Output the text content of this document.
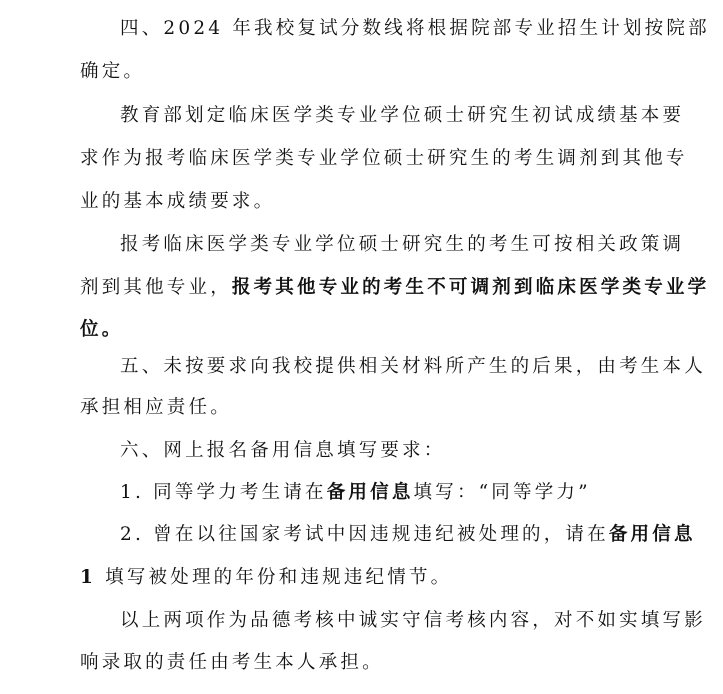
四、2024 年我校复试分数线将根据院部专业招生计划按院部
确定。
教育部划定临床医学类专业学位硕士研究生初试成绩基本要
求作为报考临床医学类专业学位硕士研究生的考生调剂到其他专
业的基本成绩要求。
报考临床医学类专业学位硕士研究生的考生可按相关政策调
剂到其他专业，报考其他专业的考生不可调剂到临床医学类专业学
位。
五、未按要求向我校提供相关材料所产生的后果，由考生本人
承担相应责任。
六、网上报名备用信息填写要求：
1. 同等学力考生请在备用信息填写：“同等学力”
2. 曾在以往国家考试中因违规违纪被处理的，请在备用信息
1 填写被处理的年份和违规违纪情节。
以上两项作为品德考核中诚实守信考核内容，对不如实填写影
响录取的责任由考生本人承担。
